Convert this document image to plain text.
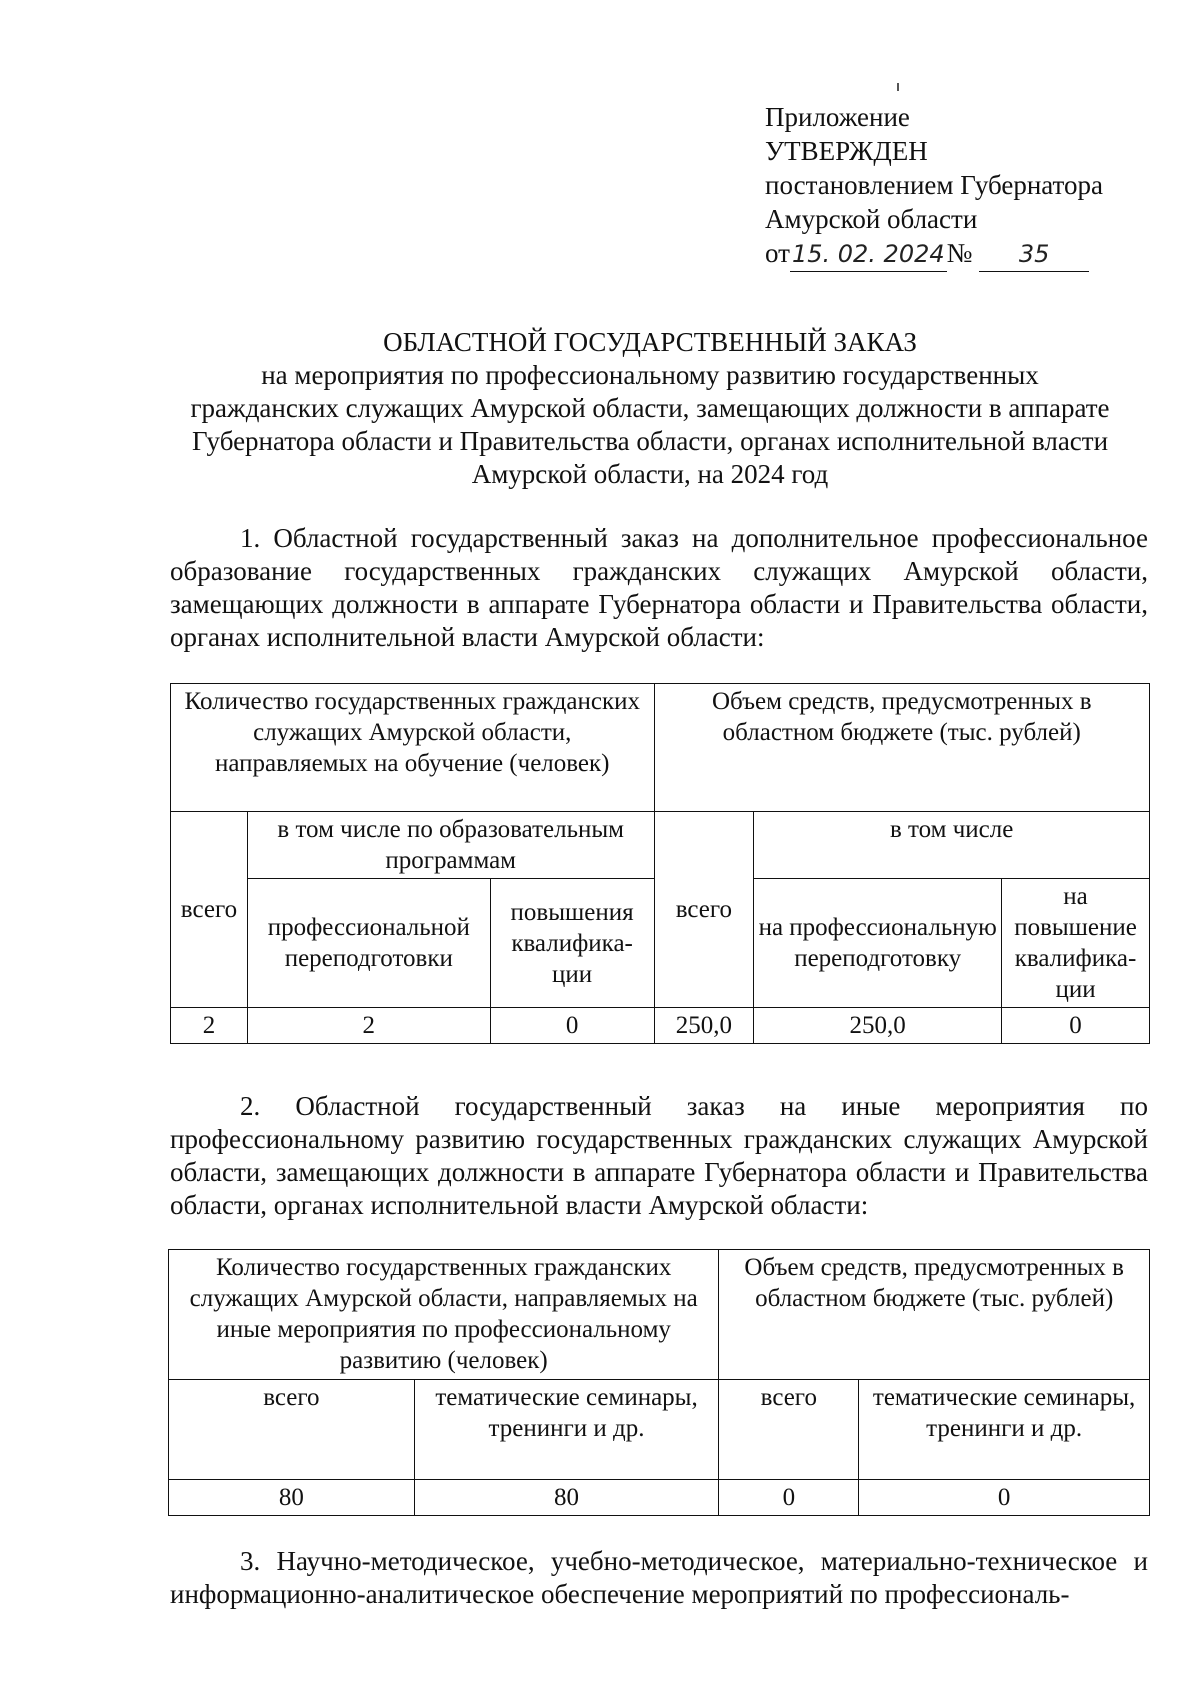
Приложение
УТВЕРЖДЕН
постановлением Губернатора
Амурской области
от15. 02. 2024№ 35
ОБЛАСТНОЙ ГОСУДАРСТВЕННЫЙ ЗАКАЗ
на мероприятия по профессиональному развитию государственных
гражданских служащих Амурской области, замещающих должности в аппарате
Губернатора области и Правительства области, органах исполнительной власти
Амурской области, на 2024 год
1. Областной государственный заказ на дополнительное профессиональное образование государственных гражданских служащих Амурской области, замещающих должности в аппарате Губернатора области и Правительства области, органах исполнительной власти Амурской области:
Количество государственных гражданских служащих Амурской области, направляемых на обучение (человек)			Объем средств, предусмотренных в областном бюджете (тыс. рублей)		
всего	в том числе по образовательным программам		всего	в том числе	
	профессиональной переподготовки	повышения квалифика-ции		на профессиональную переподготовку	на повышение квалифика-ции
2	2	0	250,0	250,0	0
2. Областной государственный заказ на иные мероприятия по профессиональному развитию государственных гражданских служащих Амурской области, замещающих должности в аппарате Губернатора области и Правительства области, органах исполнительной власти Амурской области:
Количество государственных гражданских служащих Амурской области, направляемых на иные мероприятия по профессиональному развитию (человек)		Объем средств, предусмотренных в областном бюджете (тыс. рублей)	
всего	тематические семинары, тренинги и др.	всего	тематические семинары, тренинги и др.
80	80	0	0
3. Научно-методическое, учебно-методическое, материально-техническое и информационно-аналитическое обеспечение мероприятий по профессиональ-
